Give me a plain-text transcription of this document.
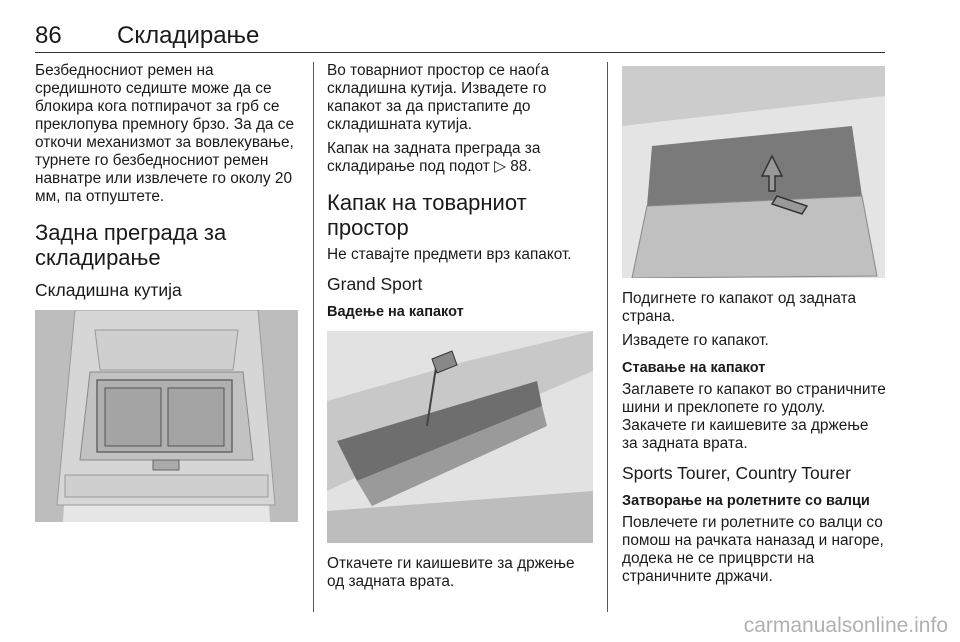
86 Складирање

Безбедносниот ремен на средишното седиште може да се блокира кога потпирачот за грб се преклопува премногу брзо. За да се откочи механизмот за вовлекување, турнете го безбедносниот ремен навнатре или извлечете го околу 20 мм, па отпуштете.

Задна преграда за складирање
Складишна кутија

Во товарниот простор се наоѓа складишна кутија. Извадете го капакот за да пристапите до складишната кутија.

Капак на задната преграда за складирање под подот ▷ 88.

Капак на товарниот простор

Не ставајте предмети врз капакот.

Grand Sport
Вадење на капакот

Откачете ги каишевите за држење од задната врата.

Подигнете го капакот од задната страна.

Извадете го капакот.

Ставање на капакот

Заглавете го капакот во страничните шини и преклопете го удолу. Закачете ги каишевите за држење за задната врата.

Sports Tourer, Country Tourer
Затворање на ролетните со валци

Повлечете ги ролетните со валци со помош на рачката наназад и нагоре, додека не се прицврсти на страничните држачи.

carmanualsonline.info
